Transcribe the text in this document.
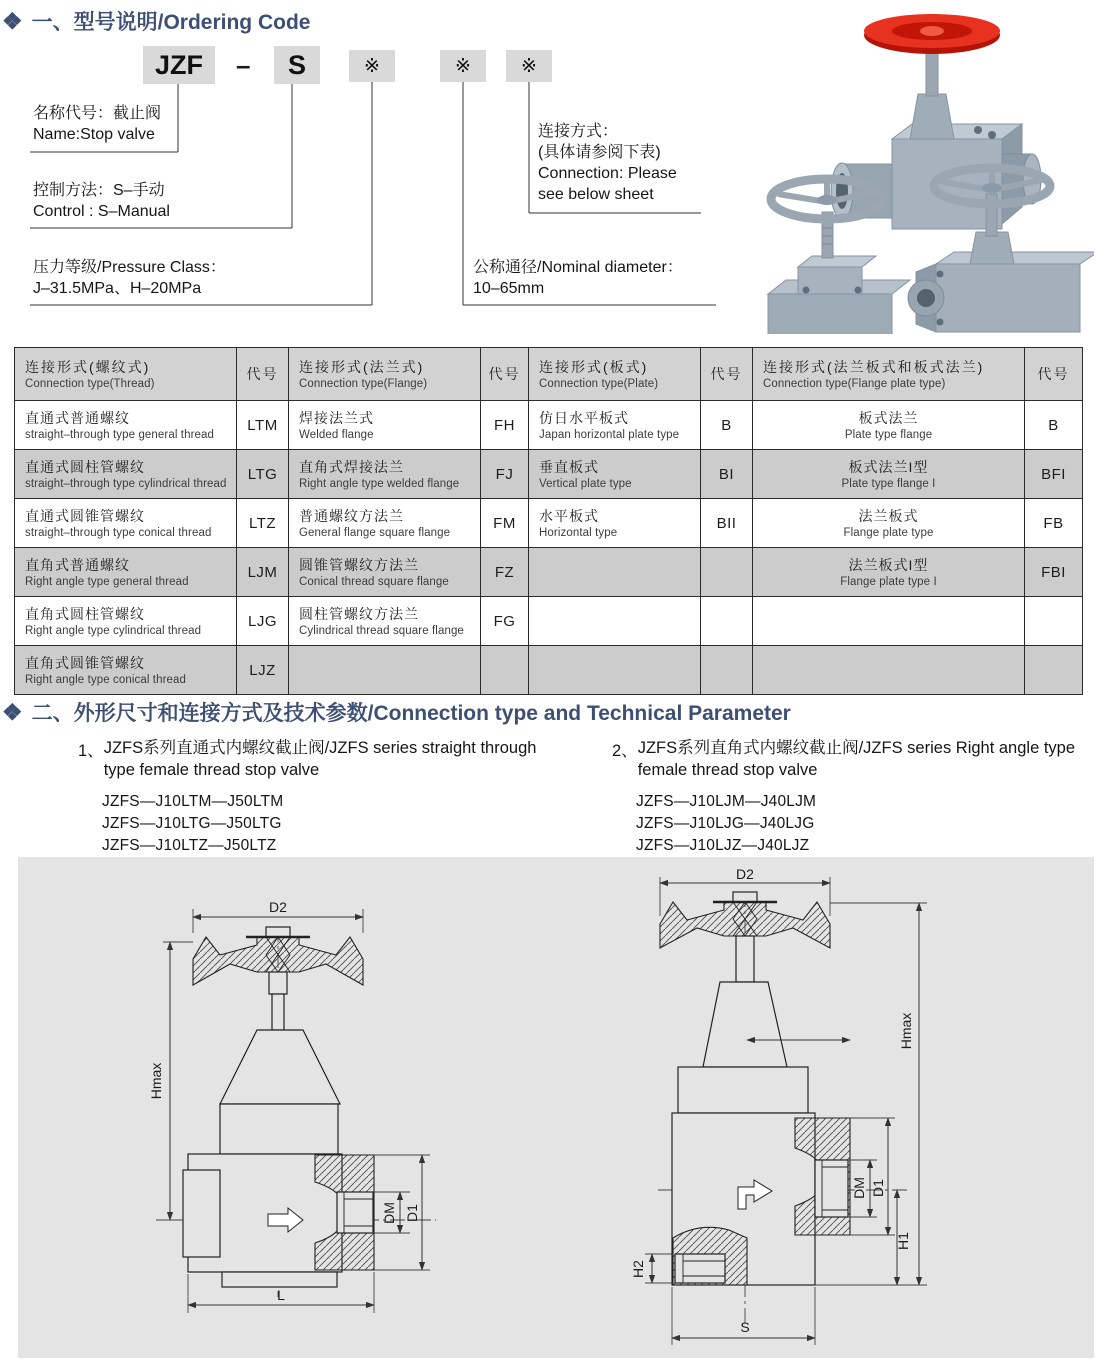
❖ 一、型号说明/Ordering Code
JZF	–	S	※	※	※
名称代号：截止阀
Name:Stop valve
控制方法：S–手动
Control : S–Manual
压力等级/Pressure Class：
J–31.5MPa、H–20MPa
公称通径/Nominal diameter：
10–65mm
连接方式：
(具体请参阅下表)
Connection: Please
see below sheet
连接形式(螺纹式)
Connection type(Thread)

代号	连接形式(法兰式)
Connection type(Flange)

代号	连接形式(板式)
Connection type(Plate)

代号	连接形式(法兰板式和板式法兰)
Connection type(Flange plate type)

代号

直通式普通螺纹
straight–through type general thread
	LTM	焊接法兰式
Welded flange
	FH	仿日水平板式
Japan horizontal plate type
	B	板式法兰
Plate type flange
	B

直通式圆柱管螺纹
straight–through type cylindrical thread
	LTG	直角式焊接法兰
Right angle type welded flange
	FJ	垂直板式
Vertical plate type
	BI	板式法兰I型
Plate type flange I
	BFI

直通式圆锥管螺纹
straight–through type conical thread
	LTZ	普通螺纹方法兰
General flange square flange
	FM	水平板式
Horizontal type
	BII	法兰板式
Flange plate type
	FB

直角式普通螺纹
Right angle type general thread
	LJM	圆锥管螺纹方法兰
Conical thread square flange
	FZ			法兰板式I型
Flange plate type I
	FBI

直角式圆柱管螺纹
Right angle type cylindrical thread
	LJG	圆柱管螺纹方法兰
Cylindrical thread square flange
	FG	

直角式圆锥管螺纹
Right angle type conical thread	LJZ	

❖ 二、外形尺寸和连接方式及技术参数/Connection type and Technical Parameter
1、 JZFS系列直通式内螺纹截止阀/JZFS series straight through type female thread stop valve
JZFS—J10LTM—J50LTM
JZFS—J10LTG—J50LTG
JZFS—J10LTZ—J50LTZ
2、 JZFS系列直角式内螺纹截止阀/JZFS series Right angle type female thread stop valve
JZFS—J10LJM—J40LJM
JZFS—J10LJG—J40LJG
JZFS—J10LJZ—J40LJZ
D2
Hmax
DM D1
L
D2
Hmax
DM D1
H1
H2
S
